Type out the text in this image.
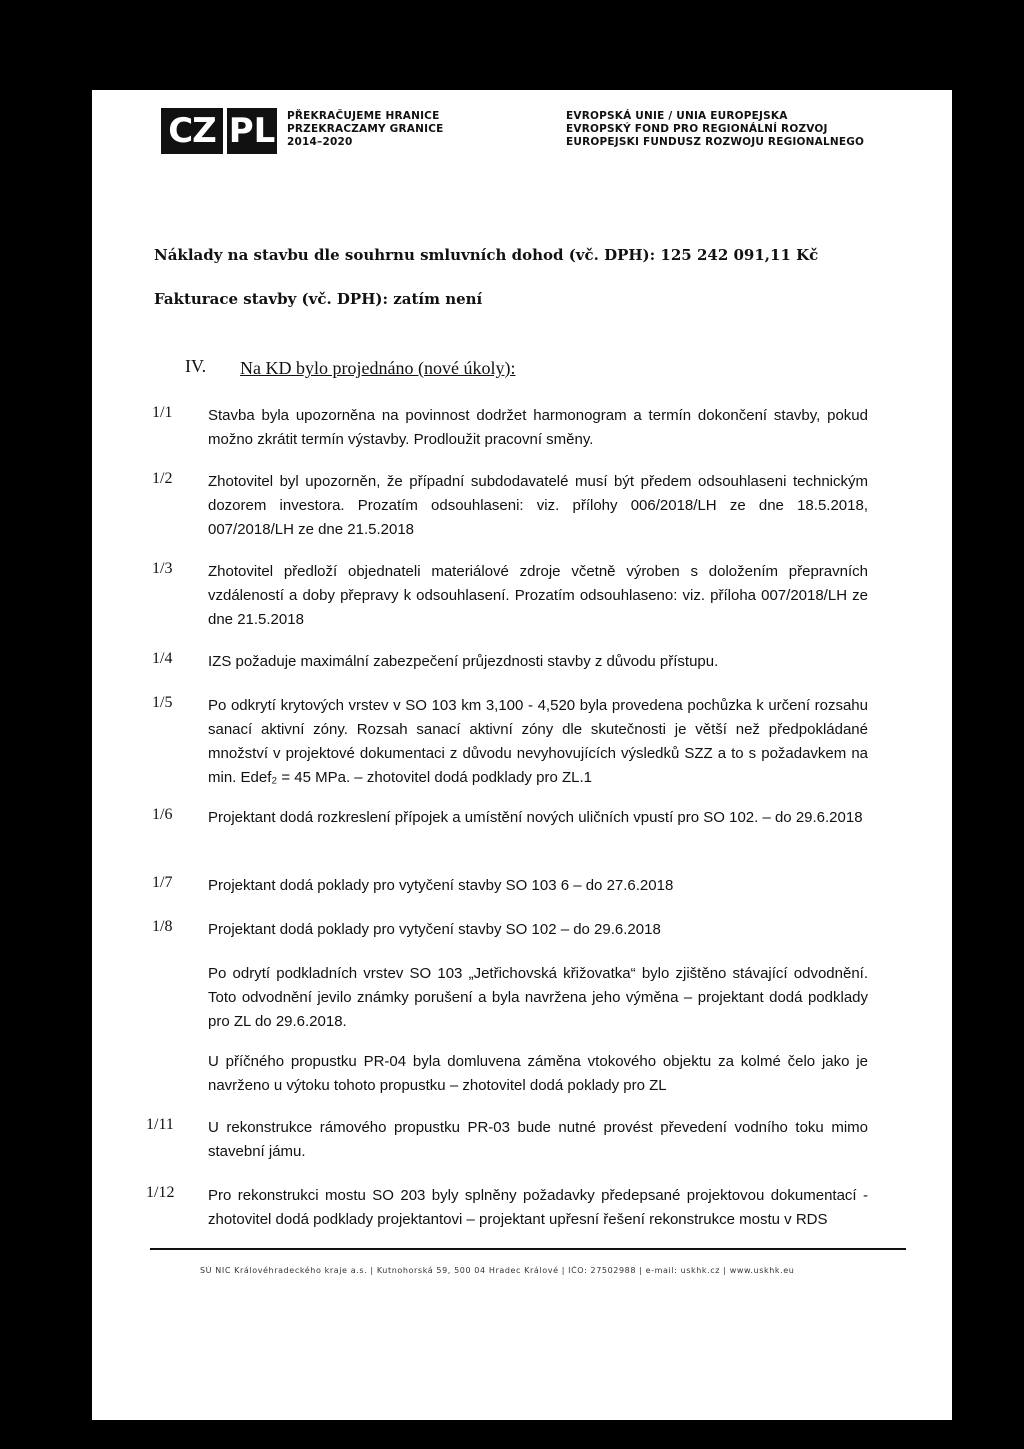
CZ PL PŘEKRAČUJEME HRANICE
PRZEKRACZAMY GRANICE
2014–2020
EVROPSKÁ UNIE / UNIA EUROPEJSKA
EVROPSKÝ FOND PRO REGIONÁLNÍ ROZVOJ
EUROPEJSKI FUNDUSZ ROZWOJU REGIONALNEGO
Náklady na stavbu dle souhrnu smluvních dohod (vč. DPH): 125 242 091,11 Kč
Fakturace stavby (vč. DPH): zatím není
IV. Na KD bylo projednáno (nové úkoly):
1/1 Stavba byla upozorněna na povinnost dodržet harmonogram a termín dokončení stavby, pokud možno zkrátit termín výstavby. Prodloužit pracovní směny.
1/2 Zhotovitel byl upozorněn, že případní subdodavatelé musí být předem odsouhlaseni technickým dozorem investora. Prozatím odsouhlaseni: viz. přílohy 006/2018/LH ze dne 18.5.2018, 007/2018/LH ze dne 21.5.2018
1/3 Zhotovitel předloží objednateli materiálové zdroje včetně výroben s doložením přepravních vzdáleností a doby přepravy k odsouhlasení. Prozatím odsouhlaseno: viz. příloha 007/2018/LH ze dne 21.5.2018
1/4 IZS požaduje maximální zabezpečení průjezdnosti stavby z důvodu přístupu.
1/5 Po odkrytí krytových vrstev v SO 103 km 3,100 - 4,520 byla provedena pochůzka k určení rozsahu sanací aktivní zóny. Rozsah sanací aktivní zóny dle skutečnosti je větší než předpokládané množství v projektové dokumentaci z důvodu nevyhovujících výsledků SZZ a to s požadavkem na min. Edef₂ = 45 MPa. – zhotovitel dodá podklady pro ZL.1
1/6 Projektant dodá rozkreslení přípojek a umístění nových uličních vpustí pro SO 102. – do 29.6.2018
1/7 Projektant dodá poklady pro vytyčení stavby SO 103 6 – do 27.6.2018
1/8 Projektant dodá poklady pro vytyčení stavby SO 102 – do 29.6.2018
Po odrytí podkladních vrstev SO 103 „Jetřichovská křižovatka“ bylo zjištěno stávající odvodnění. Toto odvodnění jevilo známky porušení a byla navržena jeho výměna – projektant dodá podklady pro ZL do 29.6.2018.
U příčného propustku PR-04 byla domluvena záměna vtokového objektu za kolmé čelo jako je navrženo u výtoku tohoto propustku – zhotovitel dodá poklady pro ZL
1/11 U rekonstrukce rámového propustku PR-03 bude nutné provést převedení vodního toku mimo stavební jámu.
1/12 Pro rekonstrukci mostu SO 203 byly splněny požadavky předepsané projektovou dokumentací - zhotovitel dodá podklady projektantovi – projektant upřesní řešení rekonstrukce mostu v RDS
SÚ NIC Královéhradeckého kraje a.s. | Kutnohorská 59, 500 04 Hradec Králové | IČO: 27502988 | e-mail: uskhk.cz | www.uskhk.eu
